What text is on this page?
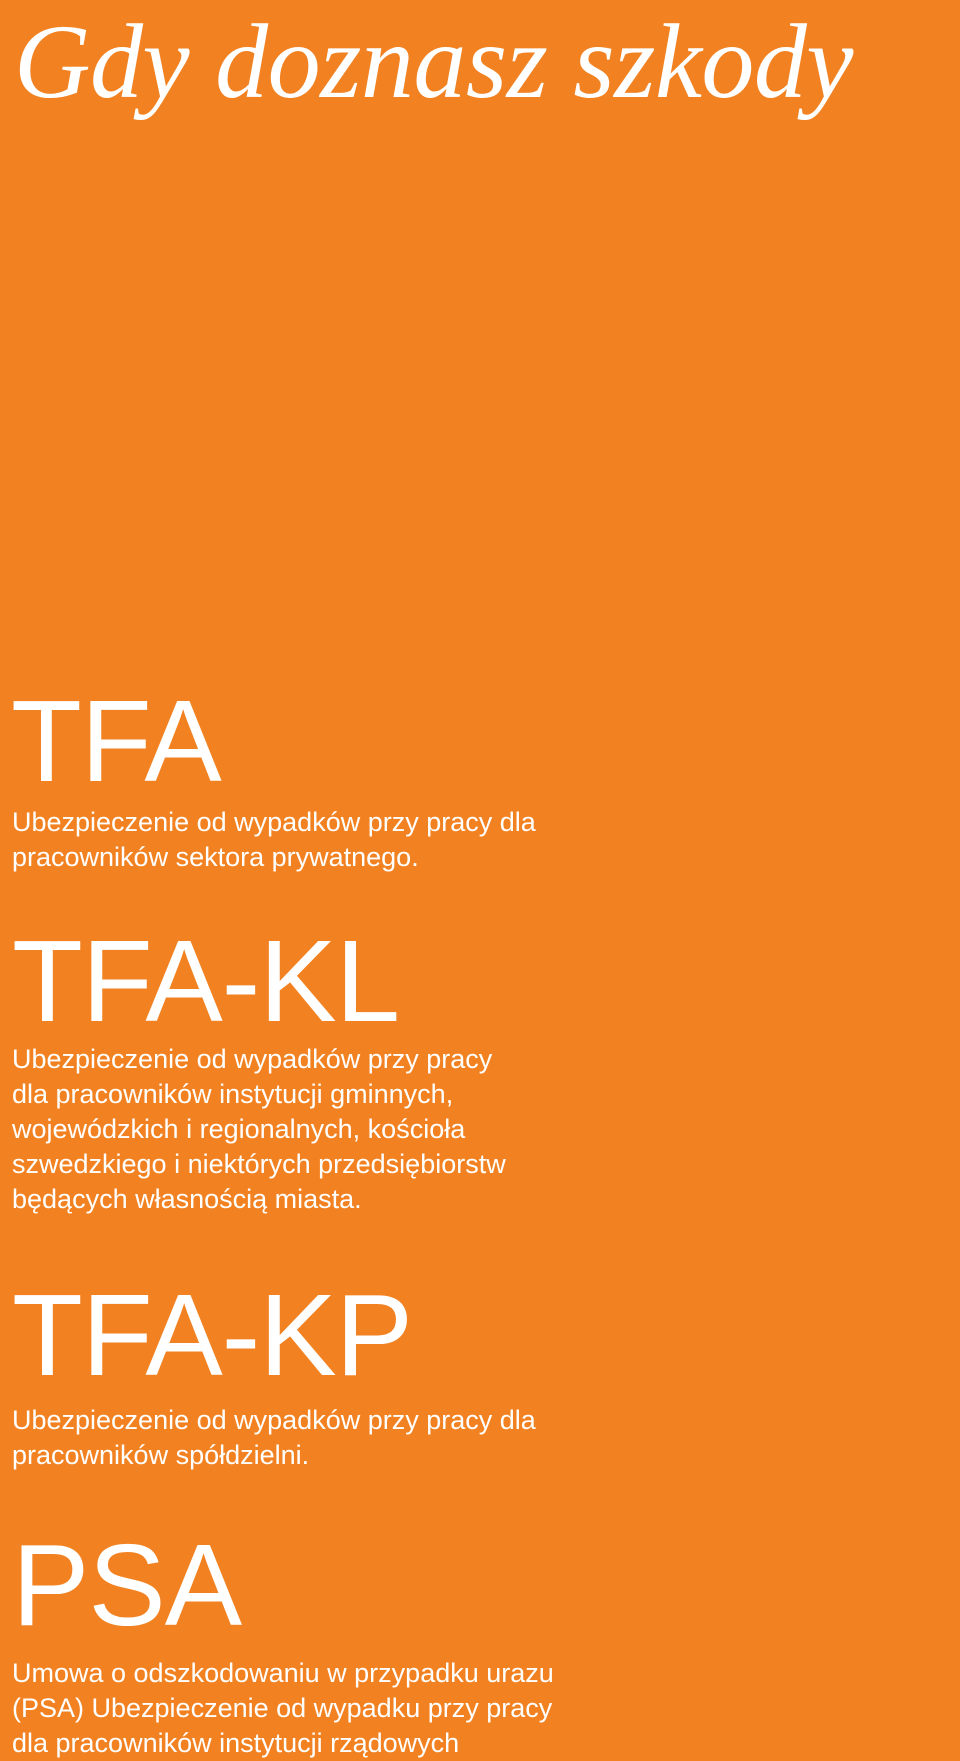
Gdy doznasz szkody
TFA

Ubezpieczenie od wypadków przy pracy dla
pracowników sektora prywatnego.

TFA-KL

Ubezpieczenie od wypadków przy pracy
dla pracowników instytucji gminnych,
wojewódzkich i regionalnych, kościoła
szwedzkiego i niektórych przedsiębiorstw
będących własnością miasta.

TFA-KP

Ubezpieczenie od wypadków przy pracy dla
pracowników spółdzielni.

PSA

Umowa o odszkodowaniu w przypadku urazu
(PSA) Ubezpieczenie od wypadku przy pracy
dla pracowników instytucji rządowych
